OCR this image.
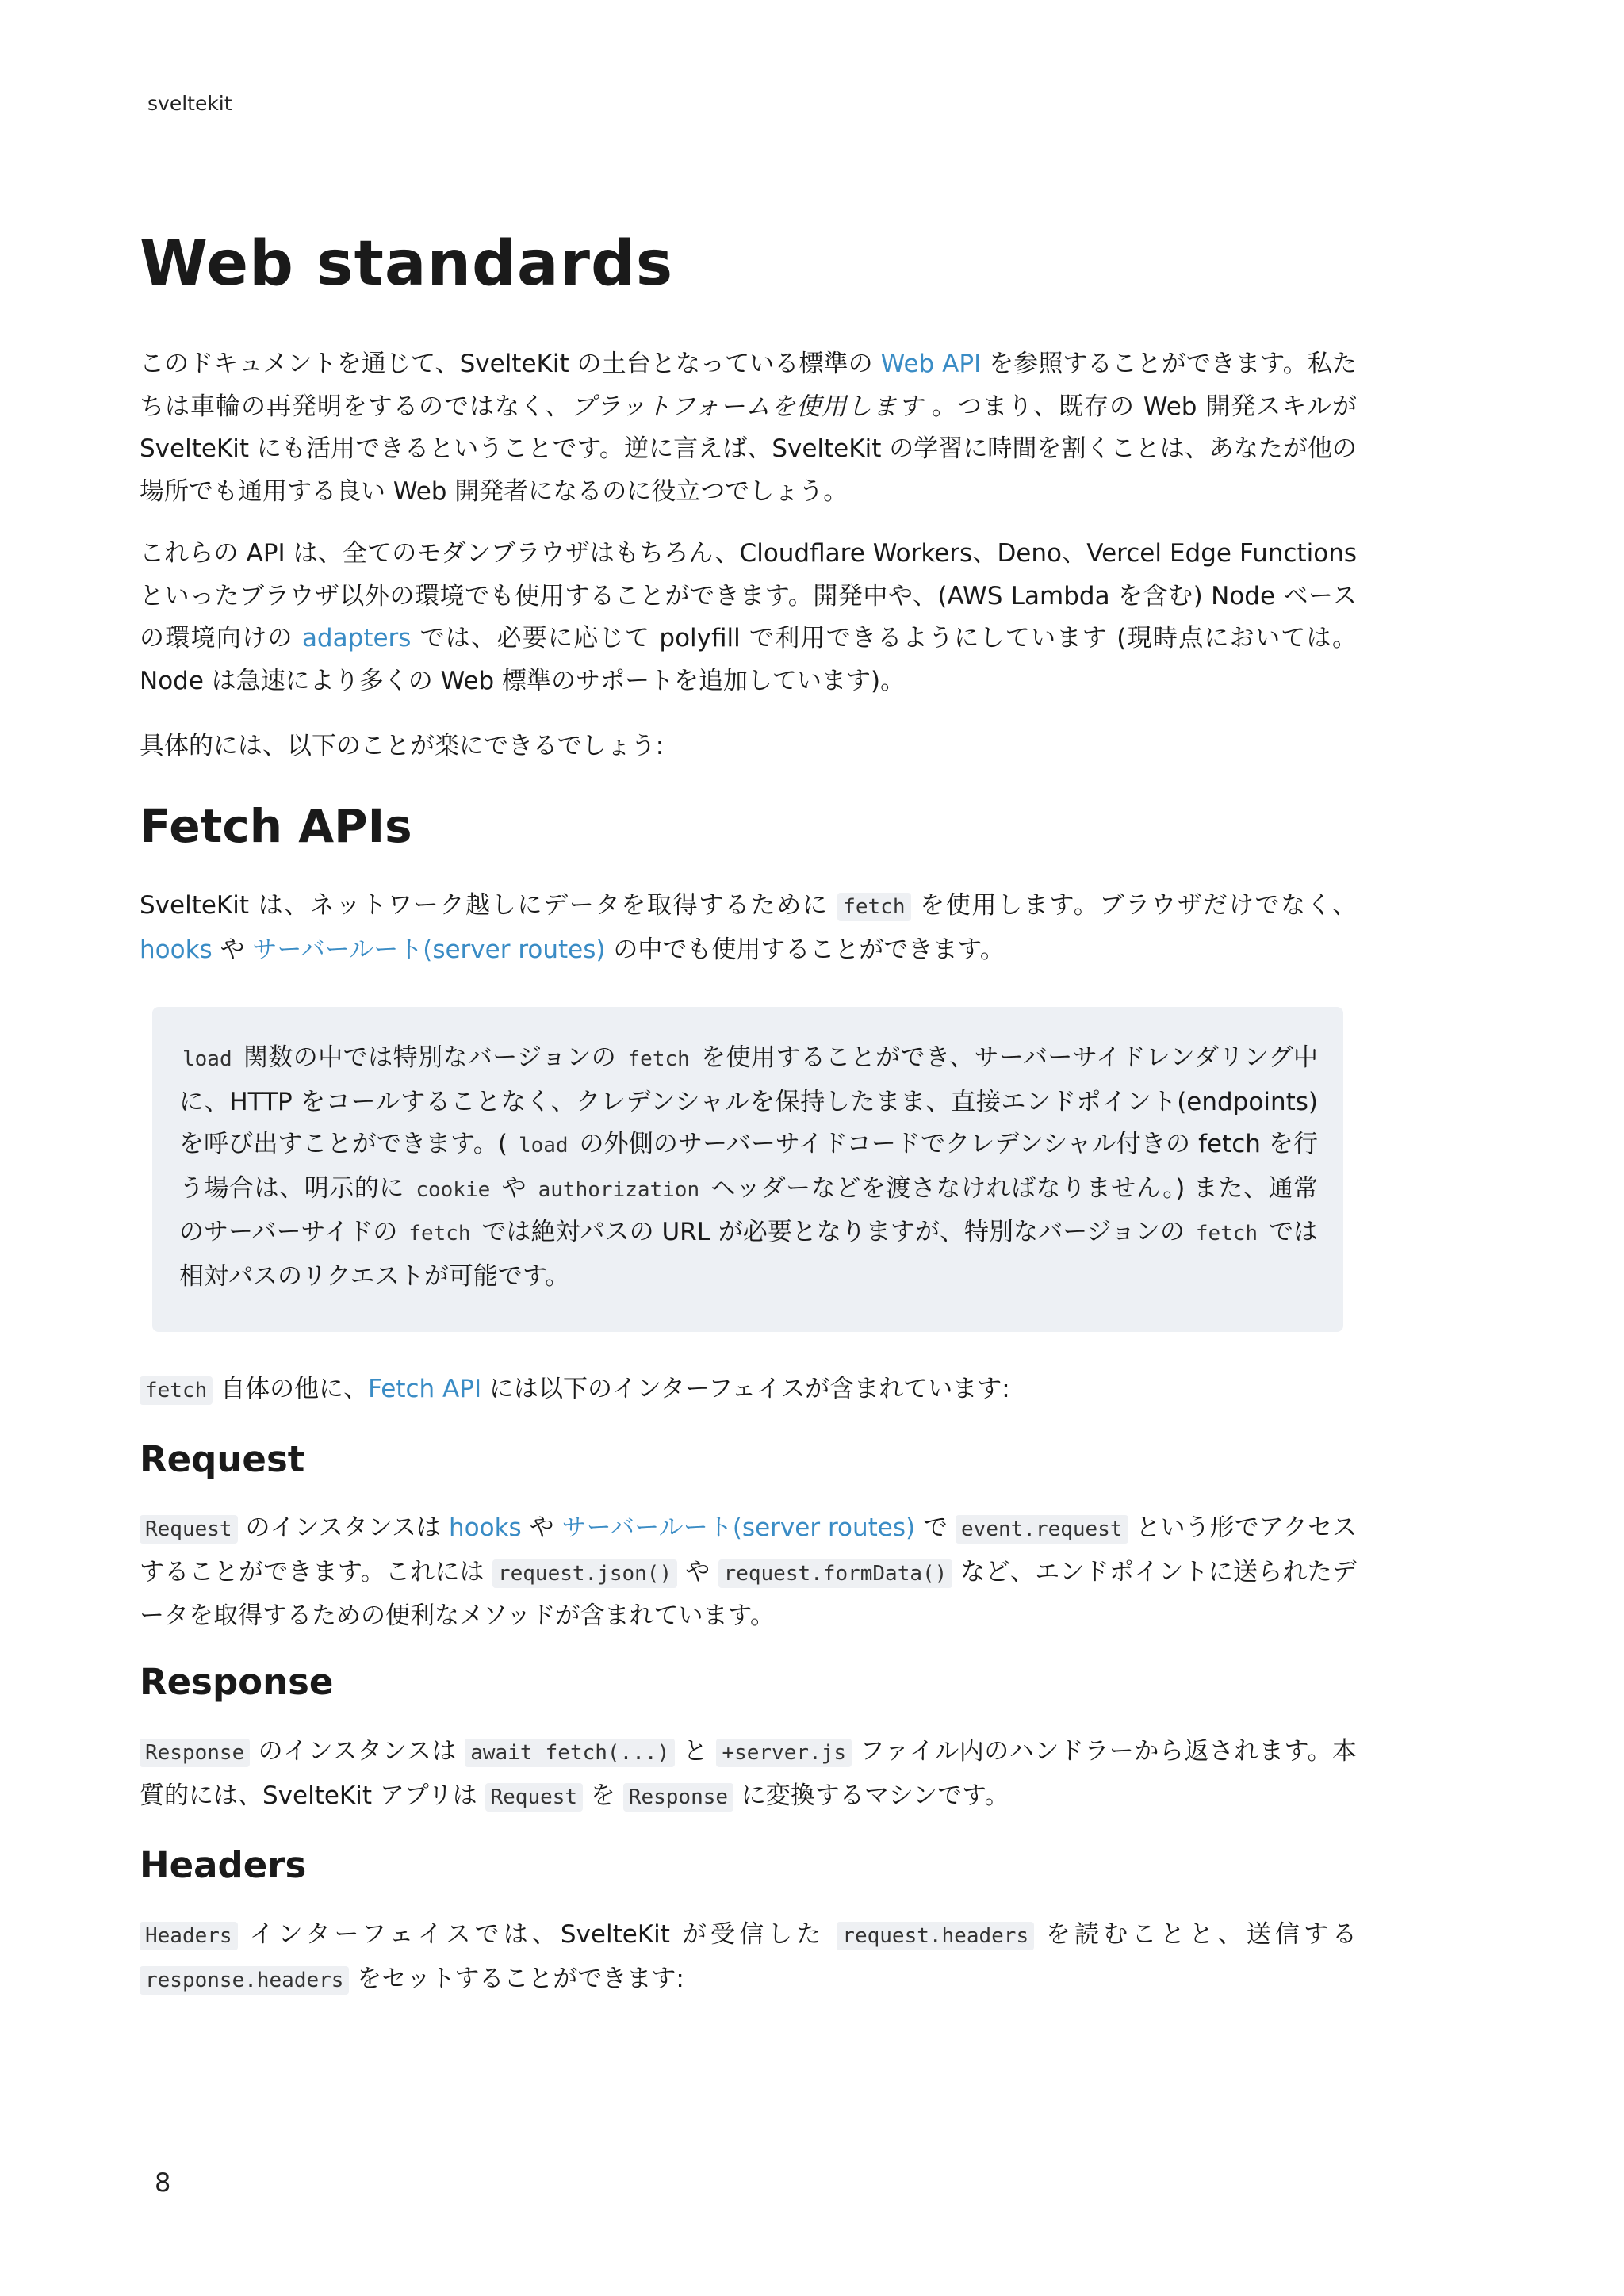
sveltekit
Web standards

このドキュメントを通じて、SvelteKit の土台となっている標準の Web API を参照することができます。私たちは車輪の再発明をするのではなく、プラットフォームを使用します 。つまり、既存の Web 開発スキルが SvelteKit にも活用できるということです。逆に言えば、SvelteKit の学習に時間を割くことは、あなたが他の場所でも通用する良い Web 開発者になるのに役立つでしょう。

これらの API は、全てのモダンブラウザはもちろん、Cloudflare Workers、Deno、Vercel Edge Functions といったブラウザ以外の環境でも使用することができます。開発中や、(AWS Lambda を含む) Node ベースの環境向けの adapters では、必要に応じて polyfill で利用できるようにしています (現時点においては。Node は急速により多くの Web 標準のサポートを追加しています)。

具体的には、以下のことが楽にできるでしょう:

Fetch APIs

SvelteKit は、ネットワーク越しにデータを取得するために fetch を使用します。ブラウザだけでなく、hooks や サーバールート(server routes) の中でも使用することができます。

load 関数の中では特別なバージョンの fetch を使用することができ、サーバーサイドレンダリング中に、HTTP をコールすることなく、クレデンシャルを保持したまま、直接エンドポイント(endpoints)を呼び出すことができます。( load の外側のサーバーサイドコードでクレデンシャル付きの fetch を行う場合は、明示的に cookie や authorization ヘッダーなどを渡さなければなりません。) また、通常のサーバーサイドの fetch では絶対パスの URL が必要となりますが、特別なバージョンの fetch では相対パスのリクエストが可能です。

fetch 自体の他に、Fetch API には以下のインターフェイスが含まれています:

Request

Request のインスタンスは hooks や サーバールート(server routes) で event.request という形でアクセスすることができます。これには request.json() や request.formData() など、エンドポイントに送られたデータを取得するための便利なメソッドが含まれています。

Response

Response のインスタンスは await fetch(...) と +server.js ファイル内のハンドラーから返されます。本質的には、SvelteKit アプリは Request を Response に変換するマシンです。

Headers

Headers インターフェイスでは、SvelteKit が受信した request.headers を読むことと、送信する response.headers をセットすることができます:

8
